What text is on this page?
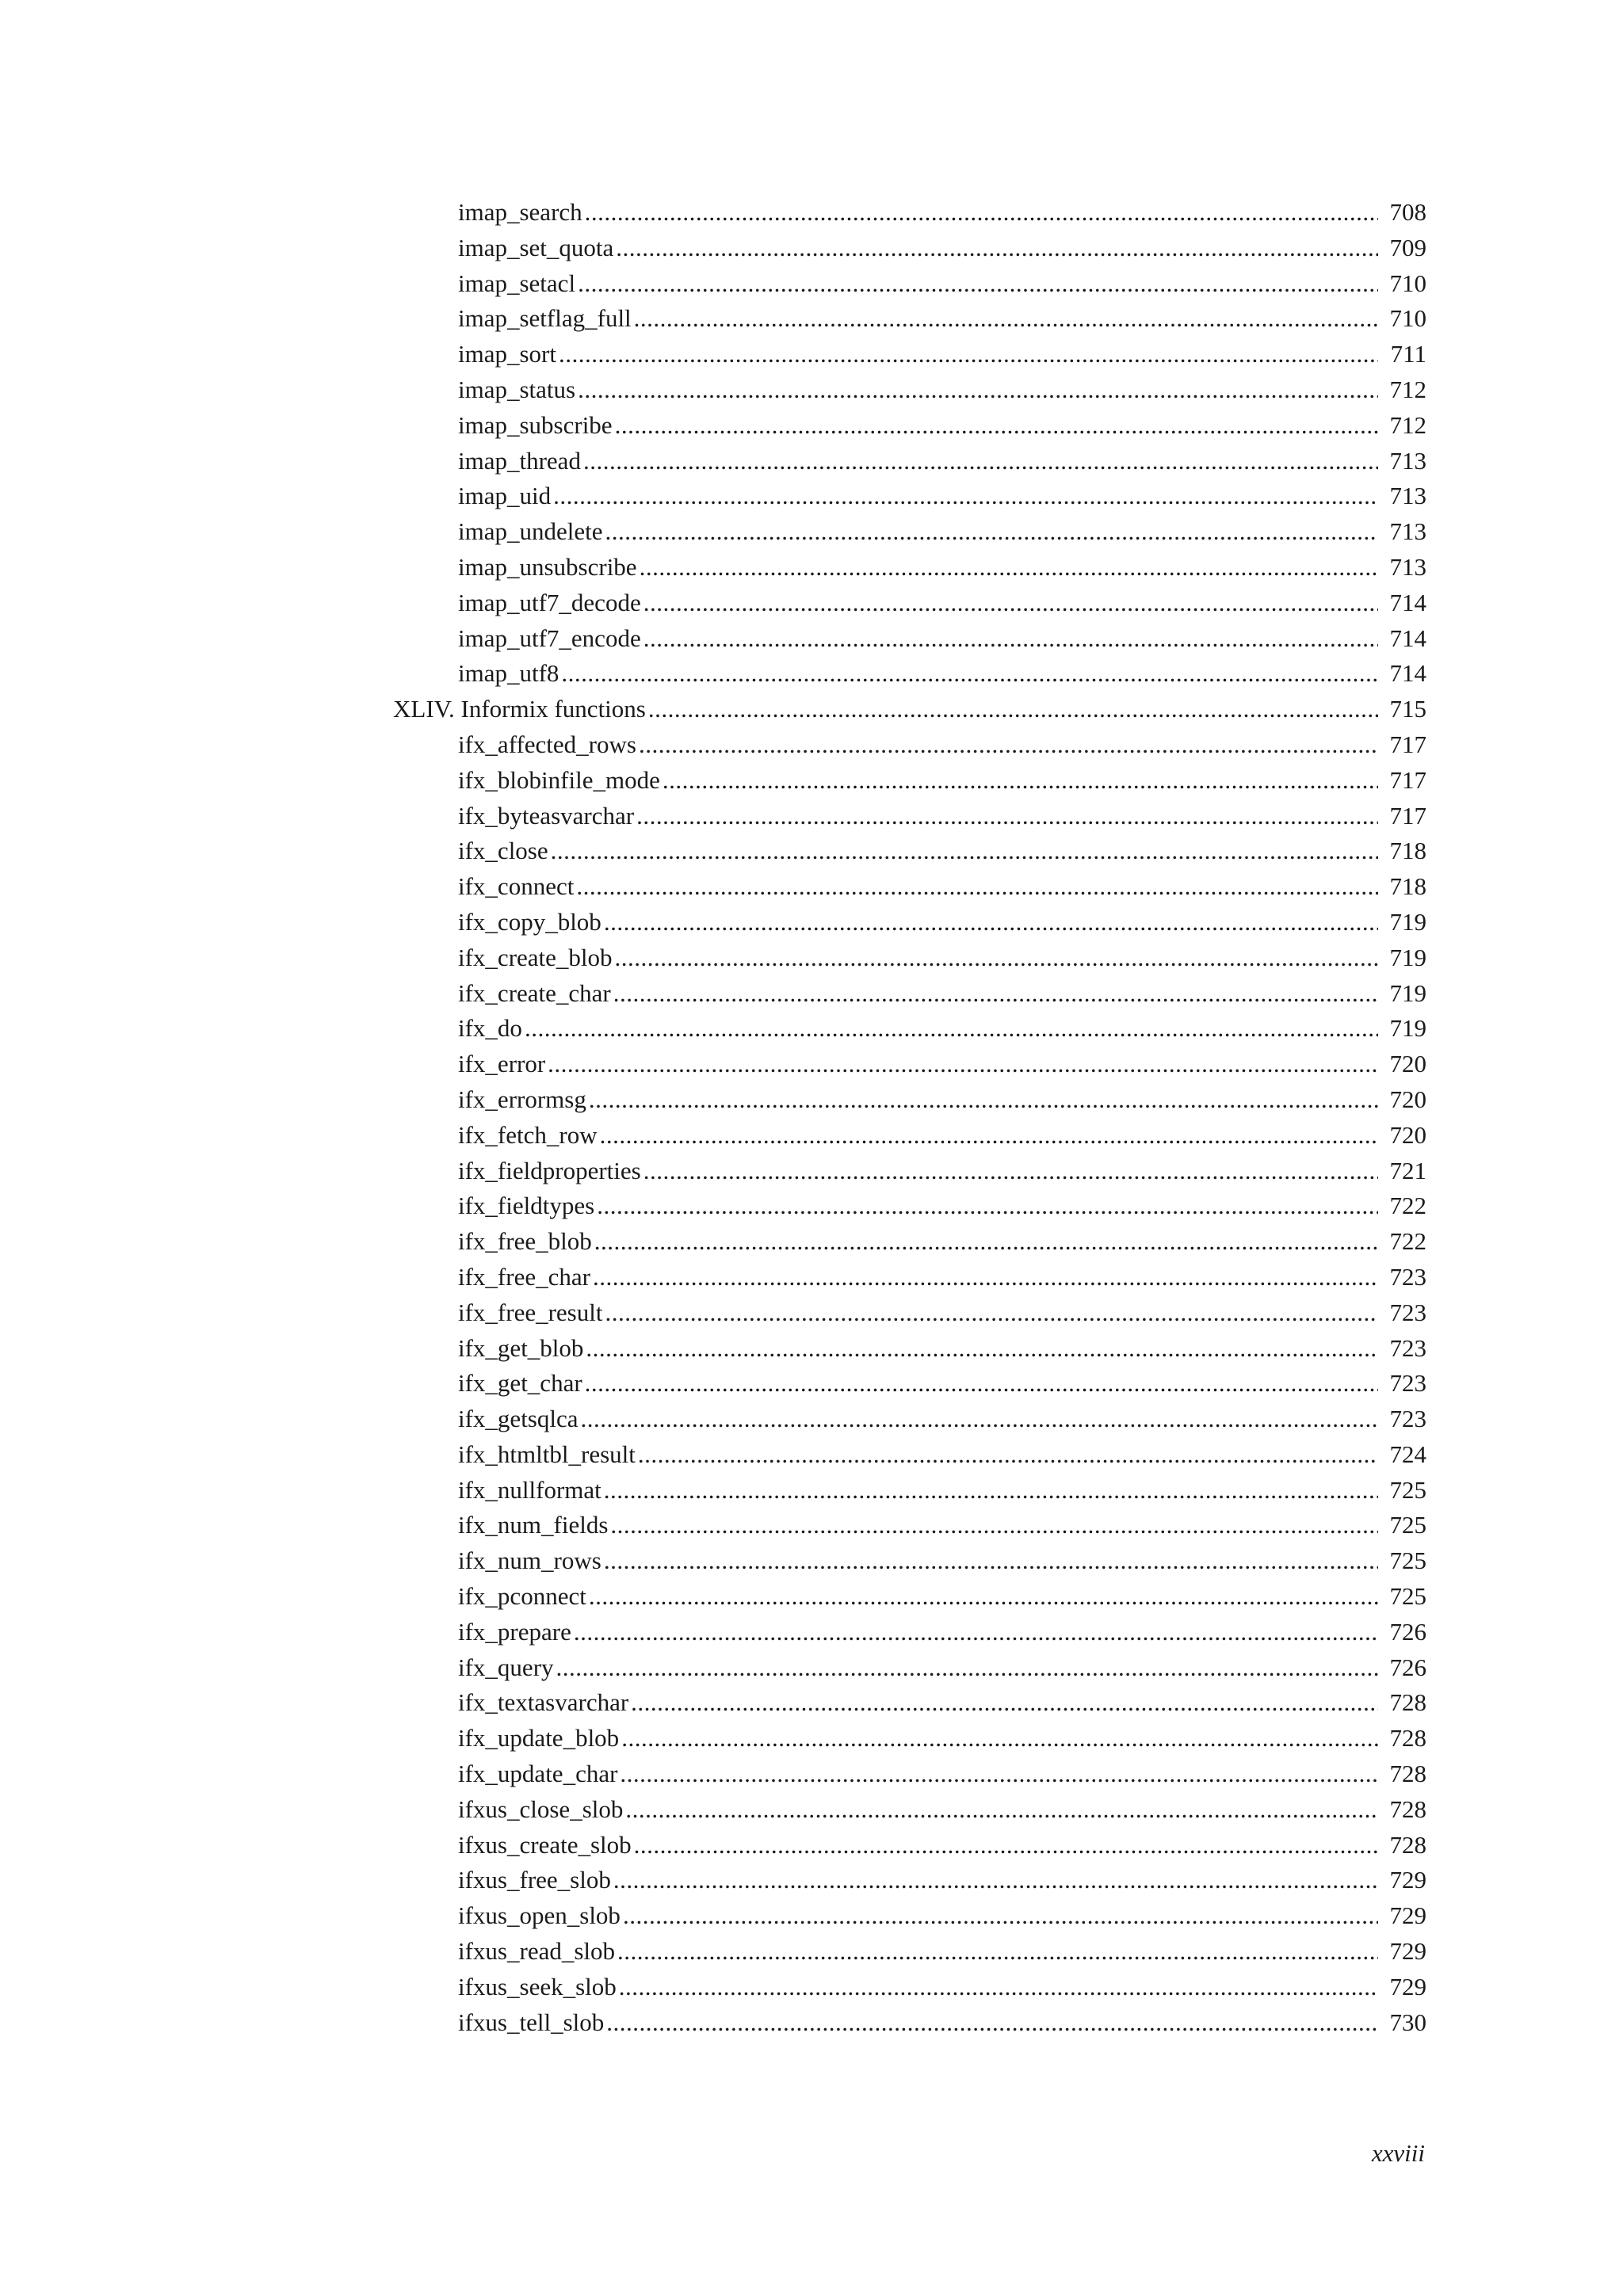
imap_search .....	708
imap_set_quota .....	709
imap_setacl .....	710
imap_setflag_full .....	710
imap_sort .....	711
imap_status .....	712
imap_subscribe .....	712
imap_thread .....	713
imap_uid .....	713
imap_undelete .....	713
imap_unsubscribe .....	713
imap_utf7_decode .....	714
imap_utf7_encode .....	714
imap_utf8 .....	714
XLIV. Informix functions .....	715
ifx_affected_rows .....	717
ifx_blobinfile_mode .....	717
ifx_byteasvarchar .....	717
ifx_close .....	718
ifx_connect .....	718
ifx_copy_blob .....	719
ifx_create_blob .....	719
ifx_create_char .....	719
ifx_do .....	719
ifx_error .....	720
ifx_errormsg .....	720
ifx_fetch_row .....	720
ifx_fieldproperties .....	721
ifx_fieldtypes .....	722
ifx_free_blob .....	722
ifx_free_char .....	723
ifx_free_result .....	723
ifx_get_blob .....	723
ifx_get_char .....	723
ifx_getsqlca .....	723
ifx_htmltbl_result .....	724
ifx_nullformat .....	725
ifx_num_fields .....	725
ifx_num_rows .....	725
ifx_pconnect .....	725
ifx_prepare .....	726
ifx_query .....	726
ifx_textasvarchar .....	728
ifx_update_blob .....	728
ifx_update_char .....	728
ifxus_close_slob .....	728
ifxus_create_slob .....	728
ifxus_free_slob .....	729
ifxus_open_slob .....	729
ifxus_read_slob .....	729
ifxus_seek_slob .....	729
ifxus_tell_slob .....	730
xxviii
